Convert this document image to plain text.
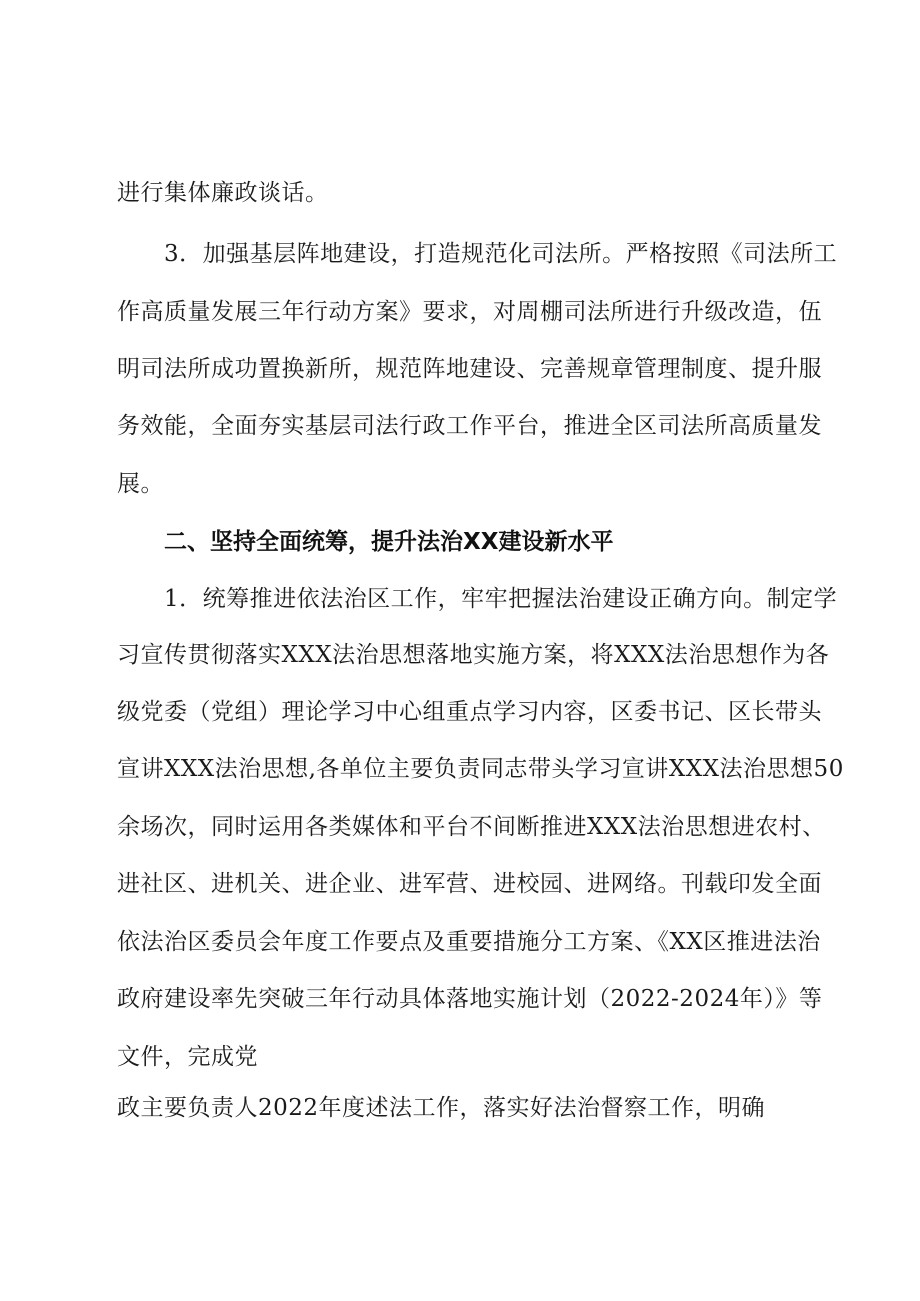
进行集体廉政谈话。

3．加强基层阵地建设，打造规范化司法所。严格按照《司法所工

作高质量发展三年行动方案》要求，对周棚司法所进行升级改造，伍

明司法所成功置换新所，规范阵地建设、完善规章管理制度、提升服

务效能，全面夯实基层司法行政工作平台，推进全区司法所高质量发

展。

二、坚持全面统筹，提升法治XX建设新水平

1．统筹推进依法治区工作，牢牢把握法治建设正确方向。制定学

习宣传贯彻落实XXX法治思想落地实施方案，将XXX法治思想作为各

级党委（党组）理论学习中心组重点学习内容，区委书记、区长带头

宣讲XXX法治思想,各单位主要负责同志带头学习宣讲XXX法治思想50

余场次，同时运用各类媒体和平台不间断推进XXX法治思想进农村、

进社区、进机关、进企业、进军营、进校园、进网络。刊载印发全面

依法治区委员会年度工作要点及重要措施分工方案、《XX区推进法治

政府建设率先突破三年行动具体落地实施计划（2022-2024年）》等

文件，完成党

政主要负责人2022年度述法工作，落实好法治督察工作，明确
